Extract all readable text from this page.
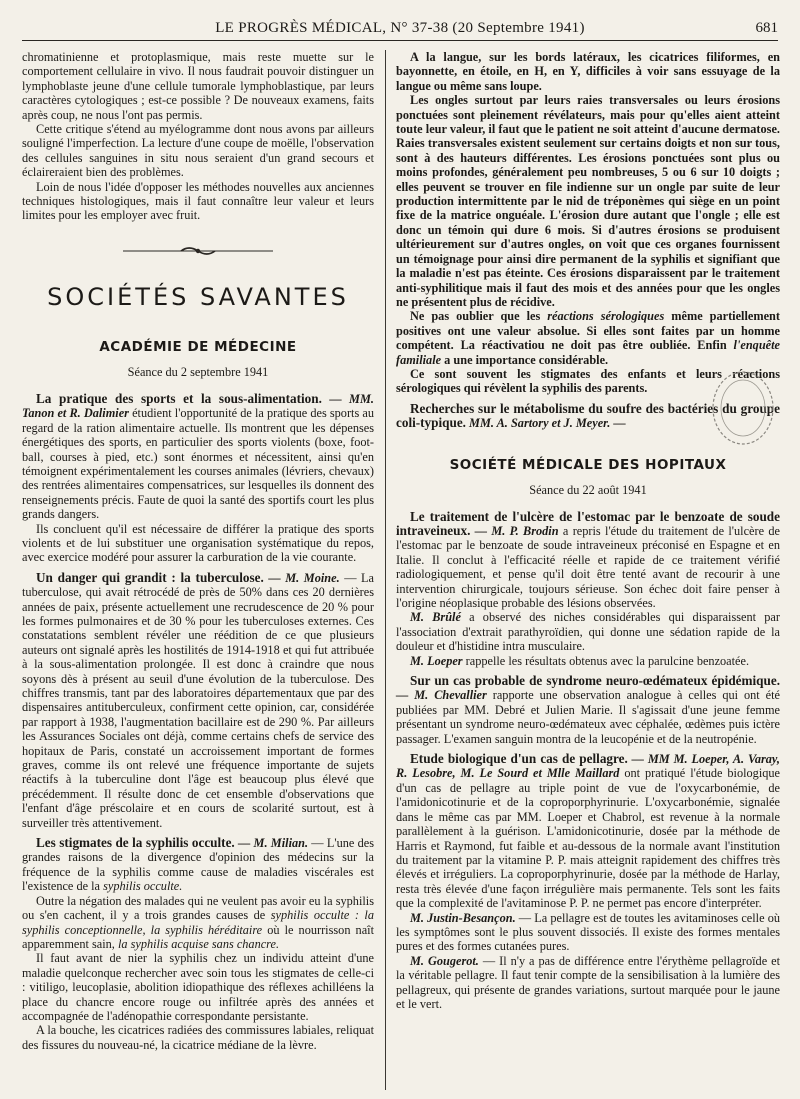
LE PROGRÈS MÉDICAL, N° 37-38 (20 Septembre 1941)	681

chromatinienne et protoplasmique, mais reste muette sur le comportement cellulaire in vivo. Il nous faudrait pouvoir distinguer un lymphoblaste jeune d'une cellule tumorale lymphoblastique, par leurs caractères cytologiques ; est-ce possible ? De nouveaux examens, faits après coup, ne nous l'ont pas permis.

Cette critique s'étend au myélogramme dont nous avons par ailleurs souligné l'imperfection. La lecture d'une coupe de moëlle, l'observation des cellules sanguines in situ nous seraient d'un grand secours et éclaireraient bien des problèmes.

Loin de nous l'idée d'opposer les méthodes nouvelles aux anciennes techniques histologiques, mais il faut connaître leur valeur et leurs limites pour les employer avec fruit.

SOCIÉTÉS SAVANTES
ACADÉMIE DE MÉDECINE
Séance du 2 septembre 1941

La pratique des sports et la sous-alimentation. — MM. Tanon et R. Dalimier étudient l'opportunité de la pratique des sports au regard de la ration alimentaire actuelle. Ils montrent que les dépenses énergétiques des sports, en particulier des sports violents (boxe, foot-ball, courses à pied, etc.) sont énormes et nécessitent, ainsi qu'en témoignent expérimentalement les courses animales (lévriers, chevaux) des rentrées alimentaires compensatrices, sur lesquelles ils donnent des renseignements précis. Faute de quoi la santé des sportifs court les plus grands dangers.

Ils concluent qu'il est nécessaire de différer la pratique des sports violents et de lui substituer une organisation systématique du repos, avec exercice modéré pour assurer la carburation de la vie courante.

Un danger qui grandit : la tuberculose. — M. Moine. — La tuberculose, qui avait rétrocédé de près de 50% dans ces 20 dernières années de paix, présente actuellement une recrudescence de 20 % pour les formes pulmonaires et de 30 % pour les tuberculoses externes. Ces constatations semblent révéler une réédition de ce que plusieurs auteurs ont signalé après les hostilités de 1914-1918 et qui fut attribuée à la sous-alimentation prolongée. Il est donc à craindre que nous soyons dès à présent au seuil d'une évolution de la tuberculose. Des chiffres transmis, tant par des laboratoires départementaux que par des dispensaires antituberculeux, confirment cette opinion, car, considérée par rapport à 1938, l'augmentation bacillaire est de 290 %. Par ailleurs les Assurances Sociales ont déjà, comme certains chefs de service des hopitaux de Paris, constaté un accroissement important de formes graves, comme ils ont relevé une fréquence importante de sujets réactifs à la tuberculine dont l'âge est beaucoup plus élevé que précédemment. Il résulte donc de cet ensemble d'observations que l'enfant d'âge préscolaire et en cours de scolarité surtout, est à surveiller très attentivement.

Les stigmates de la syphilis occulte. — M. Milian. — L'une des grandes raisons de la divergence d'opinion des médecins sur la fréquence de la syphilis comme cause de maladies viscérales est l'existence de la syphilis occulte.

Outre la négation des malades qui ne veulent pas avoir eu la syphilis ou s'en cachent, il y a trois grandes causes de syphilis occulte : la syphilis conceptionnelle, la syphilis héréditaire où le nourrisson naît apparemment sain, la syphilis acquise sans chancre.

Il faut avant de nier la syphilis chez un individu atteint d'une maladie quelconque rechercher avec soin tous les stigmates de celle-ci : vitiligo, leucoplasie, abolition idiopathique des réflexes achilléens la place du chancre encore rouge ou infiltrée après des années et accompagnée de l'adénopathie correspondante persistante.

A la bouche, les cicatrices radiées des commissures labiales, reliquat des fissures du nouveau-né, la cicatrice médiane de la lèvre.

A la langue, sur les bords latéraux, les cicatrices filiformes, en bayonnette, en étoile, en H, en Y, difficiles à voir sans essuyage de la langue ou même sans loupe.

Les ongles surtout par leurs raies transversales ou leurs érosions ponctuées sont pleinement révélateurs, mais pour qu'elles aient atteint toute leur valeur, il faut que le patient ne soit atteint d'aucune dermatose. Raies transversales existent seulement sur certains doigts et non sur tous, sont à des hauteurs différentes. Les érosions ponctuées sont plus ou moins profondes, généralement peu nombreuses, 5 ou 6 sur 10 doigts ; elles peuvent se trouver en file indienne sur un ongle par suite de leur production intermittente par le nid de tréponèmes qui siège en un point fixe de la matrice onguéale. L'érosion dure autant que l'ongle ; elle est donc un témoin qui dure 6 mois. Si d'autres érosions se produisent ultérieurement sur d'autres ongles, on voit que ces organes fournissent un témoignage pour ainsi dire permanent de la syphilis et signifiant que la maladie n'est pas éteinte. Ces érosions disparaissent par le traitement anti-syphilitique mais il faut des mois et des années pour que les ongles ne présentent plus de récidive.

Ne pas oublier que les réactions sérologiques même partiellement positives ont une valeur absolue. Si elles sont faites par un homme compétent. La réactivatiou ne doit pas être oubliée. Enfin l'enquête familiale a une importance considérable.

Ce sont souvent les stigmates des enfants et leurs réactions sérologiques qui révèlent la syphilis des parents.

Recherches sur le métabolisme du soufre des bactéries du groupe coli-typique. MM. A. Sartory et J. Meyer. —

SOCIÉTÉ MÉDICALE DES HOPITAUX
Séance du 22 août 1941

Le traitement de l'ulcère de l'estomac par le benzoate de soude intraveineux. — M. P. Brodin a repris l'étude du traitement de l'ulcère de l'estomac par le benzoate de soude intraveineux préconisé en Espagne et en Italie. Il conclut à l'efficacité réelle et rapide de ce traitement vérifié radiologiquement, et pense qu'il doit être tenté avant de recourir à une intervention chirurgicale, toujours sérieuse. Son échec doit faire penser à l'origine néoplasique probable des lésions observées.

M. Brûlé a observé des niches considérables qui disparaissent par l'association d'extrait parathyroïdien, qui donne une sédation rapide de la douleur et d'histidine intra musculaire.

M. Loeper rappelle les résultats obtenus avec la parulcine benzoatée.

Sur un cas probable de syndrome neuro-œdémateux épidémique. — M. Chevallier rapporte une observation analogue à celles qui ont été publiées par MM. Debré et Julien Marie. Il s'agissait d'une jeune femme présentant un syndrome neuro-œdémateux avec céphalée, œdèmes puis ictère passager. L'examen sanguin montra de la leucopénie et de la neutropénie.

Etude biologique d'un cas de pellagre. — MM M. Loeper, A. Varay, R. Lesobre, M. Le Sourd et Mlle Maillard ont pratiqué l'étude biologique d'un cas de pellagre au triple point de vue de l'oxycarbonémie, de l'amidonicotinurie et de la coproporphyrinurie. L'oxycarbonémie, signalée dans le même cas par MM. Loeper et Chabrol, est revenue à la normale parallèlement à la guérison. L'amidonicotinurie, dosée par la méthode de Harris et Raymond, fut faible et au-dessous de la normale avant l'institution du traitement par la vitamine P. P. mais atteignit rapidement des chiffres très élevés et irréguliers. La coproporphyrinurie, dosée par la méthode de Harlay, resta très élevée d'une façon irrégulière mais permanente. Tels sont les faits que la complexité de l'avitaminose P. P. ne permet pas encore d'interpréter.

M. Justin-Besançon. — La pellagre est de toutes les avitaminoses celle où les symptômes sont le plus souvent dissociés. Il existe des formes mentales pures et des formes cutanées pures.

M. Gougerot. — Il n'y a pas de différence entre l'érythème pellagroïde et la véritable pellagre. Il faut tenir compte de la sensibilisation à la lumière des pellagreux, qui présente de grandes variations, surtout marquée pour le jaune et le vert.
